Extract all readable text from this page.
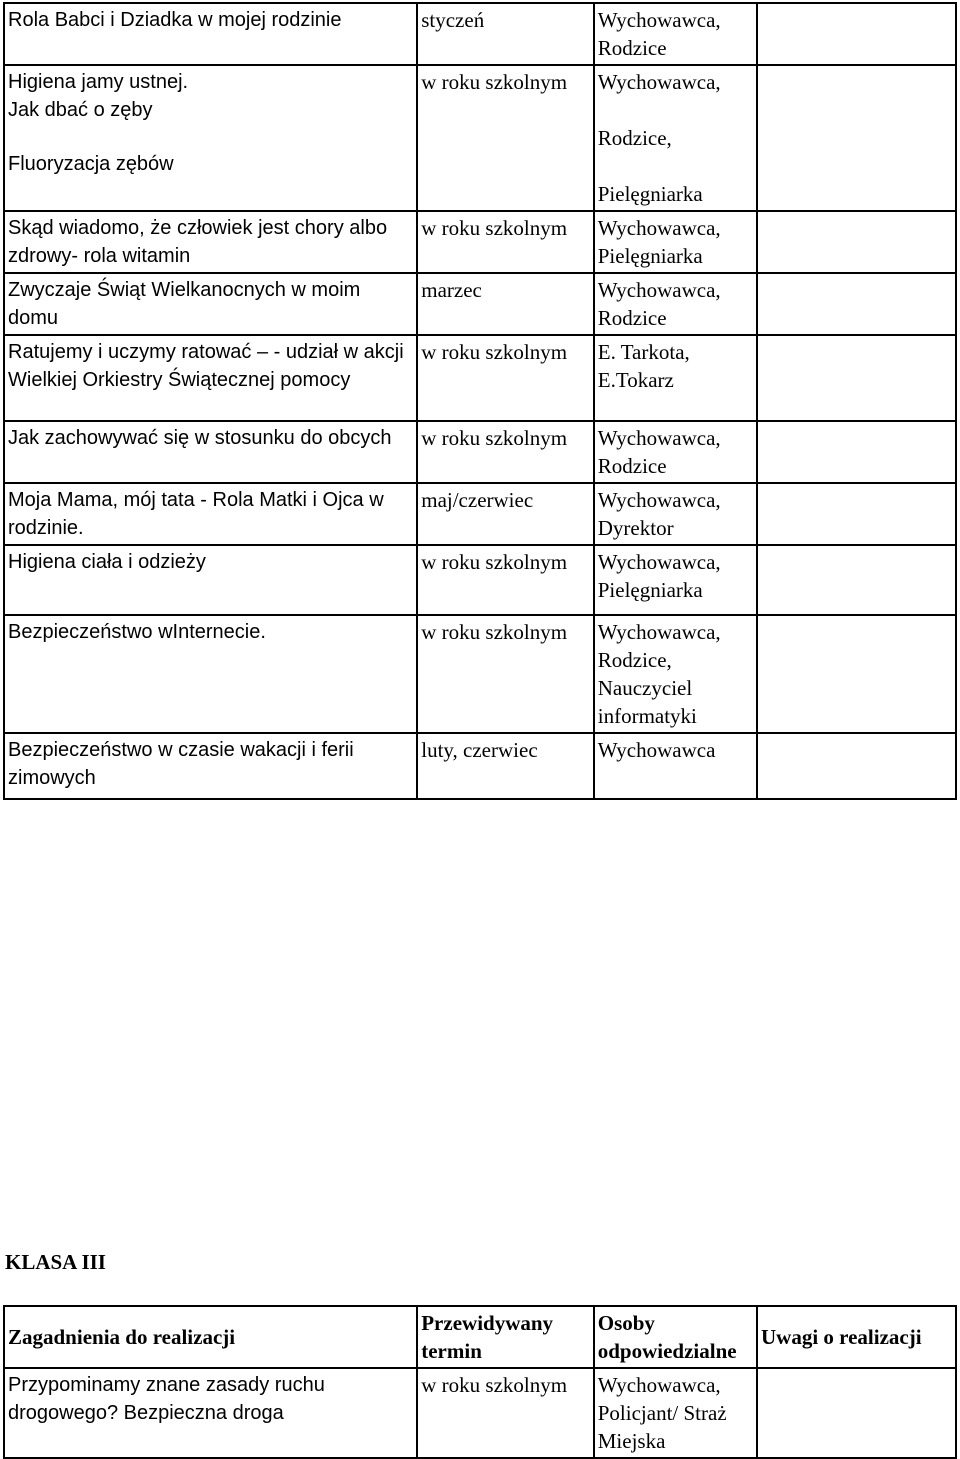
Rola Babci i Dziadka w mojej rodzinie	styczeń	Wychowawca,
Rodzice	
Higiena jamy ustnej.
Jak dbać o zęby

Fluoryzacja zębów	w roku szkolnym	Wychowawca,
Rodzice,
Pielęgniarka	
Skąd wiadomo, że człowiek jest chory albo zdrowy- rola witamin	w roku szkolnym	Wychowawca,
Pielęgniarka	
Zwyczaje Świąt Wielkanocnych w moim domu	marzec	Wychowawca,
Rodzice	
Ratujemy i uczymy ratować – - udział w akcji Wielkiej Orkiestry Świątecznej pomocy	w roku szkolnym	E. Tarkota,
E.Tokarz	
Jak zachowywać się w stosunku do obcych	w roku szkolnym	Wychowawca,
Rodzice	
Moja Mama, mój tata - Rola Matki i Ojca w rodzinie.	maj/czerwiec	Wychowawca,
Dyrektor	
Higiena ciała i odzieży	w roku szkolnym	Wychowawca,
Pielęgniarka	
Bezpieczeństwo wInternecie.	w roku szkolnym	Wychowawca,
Rodzice,
Nauczyciel
informatyki	
Bezpieczeństwo w czasie wakacji i ferii zimowych	luty, czerwiec	Wychowawca	
KLASA III
Zagadnienia do realizacji	Przewidywany termin	Osoby odpowiedzialne	Uwagi o realizacji
Przypominamy znane zasady ruchu drogowego? Bezpieczna droga	w roku szkolnym	Wychowawca, Policjant/ Straż Miejska	
